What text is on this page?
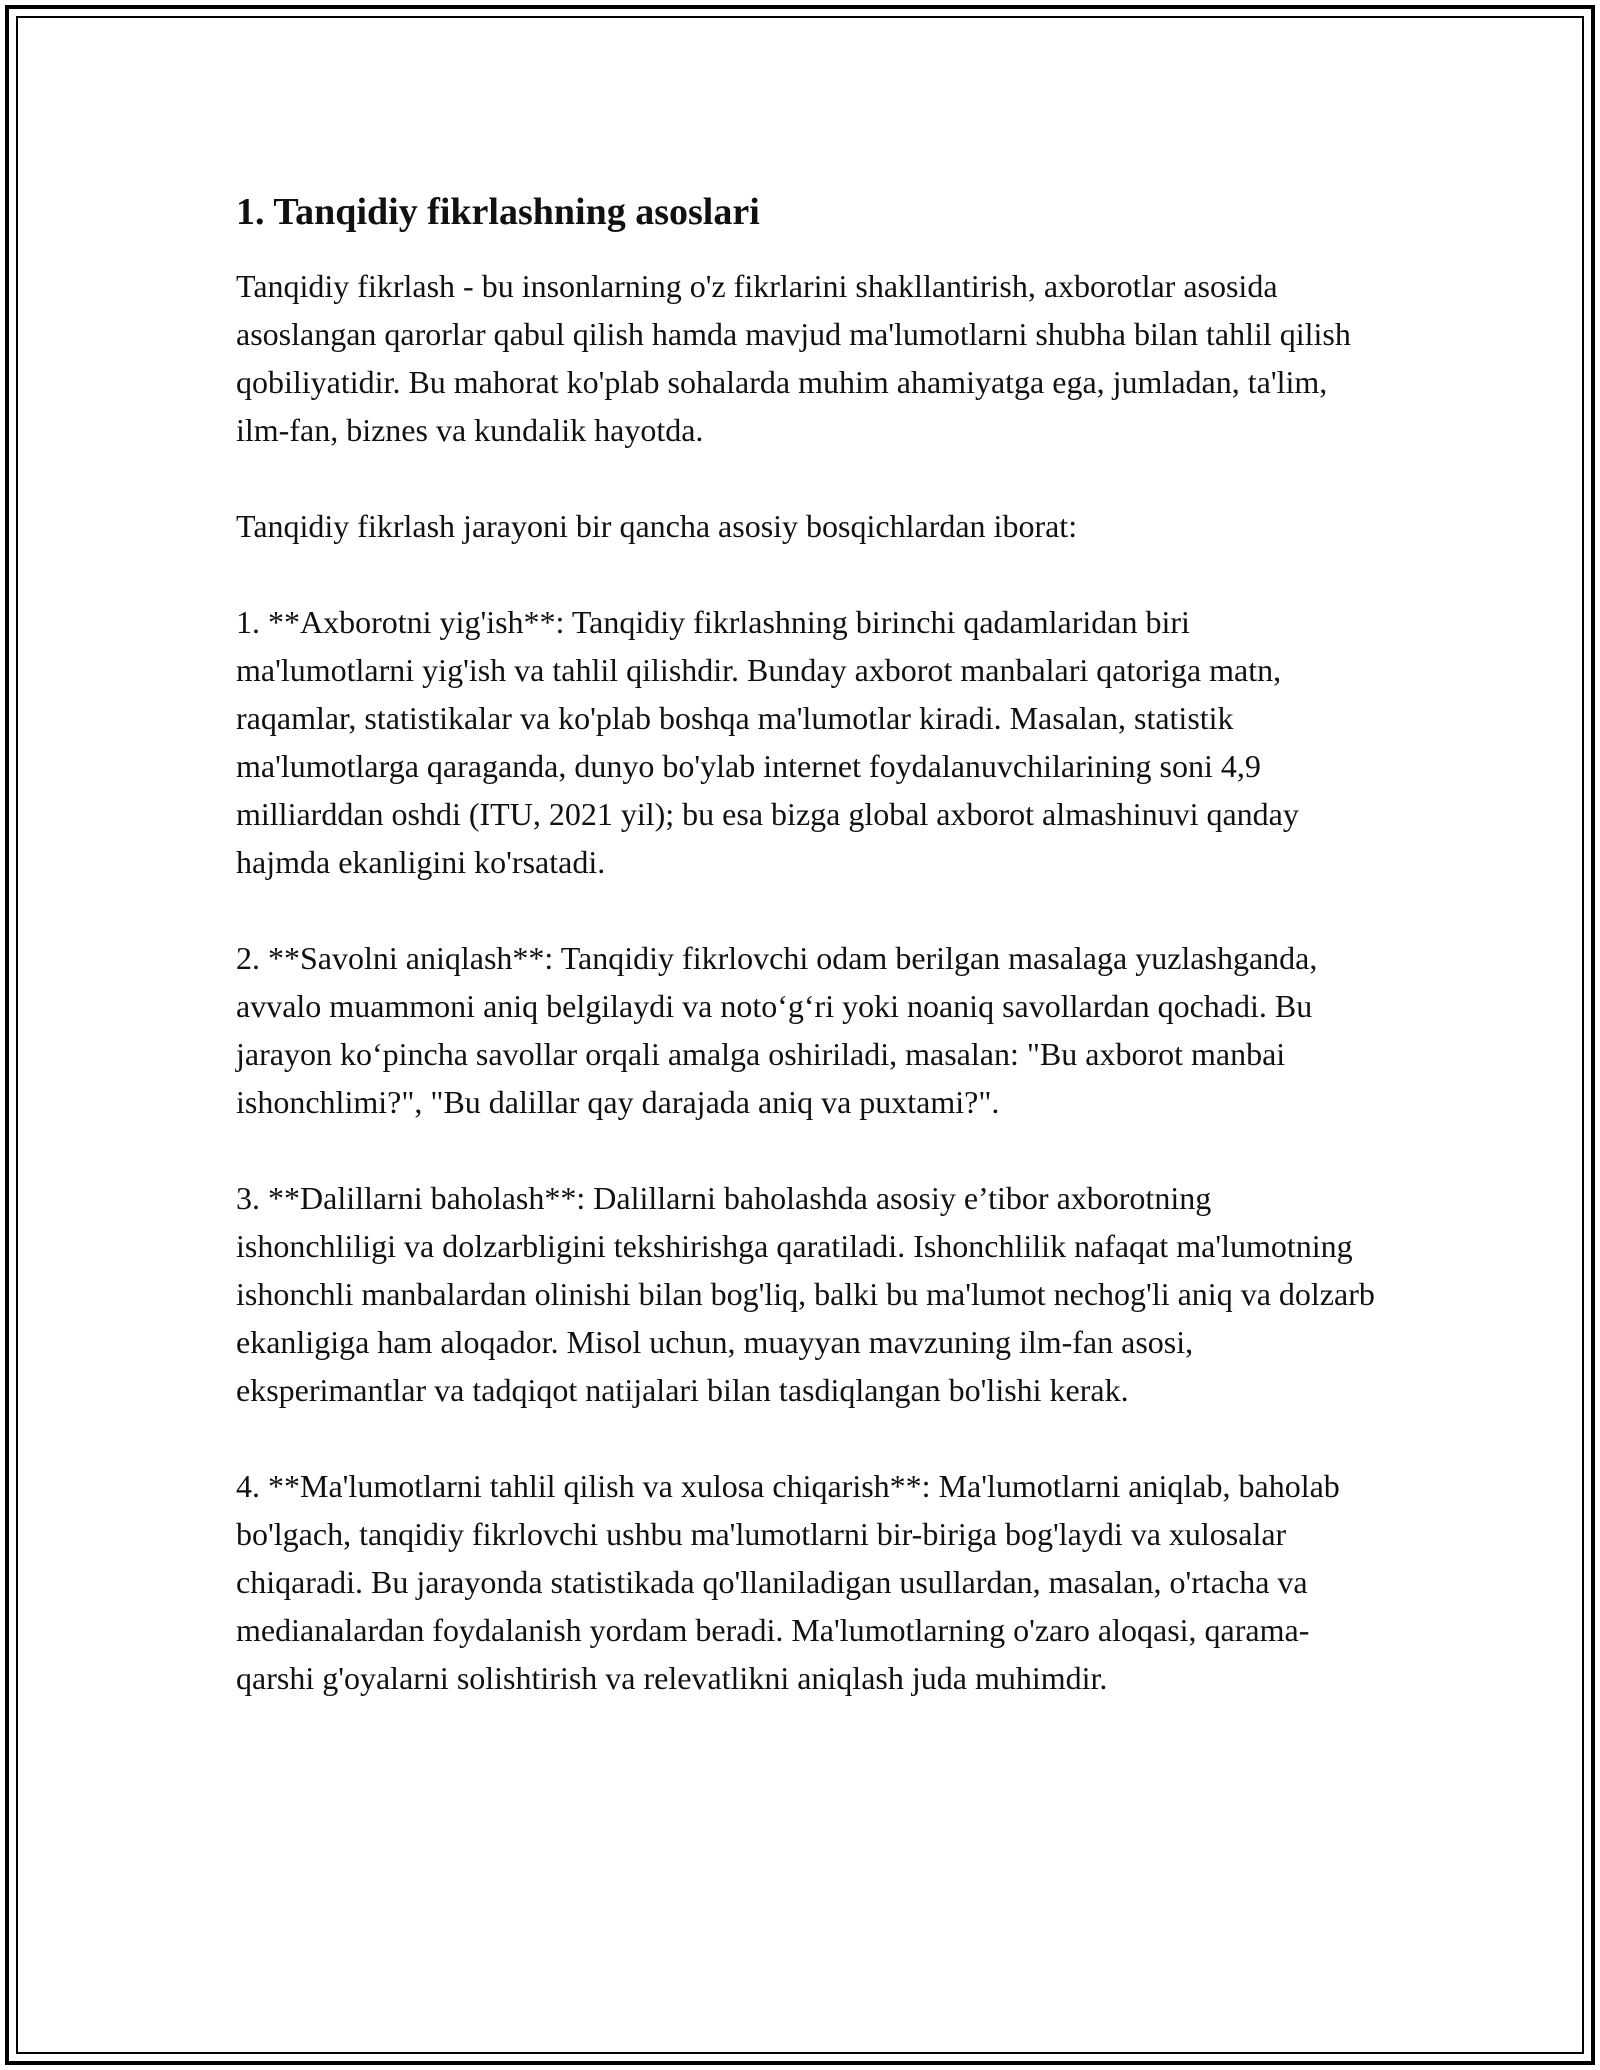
1. Tanqidiy fikrlashning asoslari

Tanqidiy fikrlash - bu insonlarning o'z fikrlarini shakllantirish, axborotlar asosida asoslangan qarorlar qabul qilish hamda mavjud ma'lumotlarni shubha bilan tahlil qilish qobiliyatidir. Bu mahorat ko'plab sohalarda muhim ahamiyatga ega, jumladan, ta'lim, ilm-fan, biznes va kundalik hayotda.

Tanqidiy fikrlash jarayoni bir qancha asosiy bosqichlardan iborat:

1. **Axborotni yig'ish**: Tanqidiy fikrlashning birinchi qadamlaridan biri ma'lumotlarni yig'ish va tahlil qilishdir. Bunday axborot manbalari qatoriga matn, raqamlar, statistikalar va ko'plab boshqa ma'lumotlar kiradi. Masalan, statistik ma'lumotlarga qaraganda, dunyo bo'ylab internet foydalanuvchilarining soni 4,9 milliarddan oshdi (ITU, 2021 yil); bu esa bizga global axborot almashinuvi qanday hajmda ekanligini ko'rsatadi.

2. **Savolni aniqlash**: Tanqidiy fikrlovchi odam berilgan masalaga yuzlashganda, avvalo muammoni aniq belgilaydi va noto‘g‘ri yoki noaniq savollardan qochadi. Bu jarayon ko‘pincha savollar orqali amalga oshiriladi, masalan: "Bu axborot manbai ishonchlimi?", "Bu dalillar qay darajada aniq va puxtami?".

3. **Dalillarni baholash**: Dalillarni baholashda asosiy e’tibor axborotning ishonchliligi va dolzarbligini tekshirishga qaratiladi. Ishonchlilik nafaqat ma'lumotning ishonchli manbalardan olinishi bilan bog'liq, balki bu ma'lumot nechog'li aniq va dolzarb ekanligiga ham aloqador. Misol uchun, muayyan mavzuning ilm-fan asosi, eksperimantlar va tadqiqot natijalari bilan tasdiqlangan bo'lishi kerak.

4. **Ma'lumotlarni tahlil qilish va xulosa chiqarish**: Ma'lumotlarni aniqlab, baholab bo'lgach, tanqidiy fikrlovchi ushbu ma'lumotlarni bir-biriga bog'laydi va xulosalar chiqaradi. Bu jarayonda statistikada qo'llaniladigan usullardan, masalan, o'rtacha va medianalardan foydalanish yordam beradi. Ma'lumotlarning o'zaro aloqasi, qarama-qarshi g'oyalarni solishtirish va relevatlikni aniqlash juda muhimdir.
